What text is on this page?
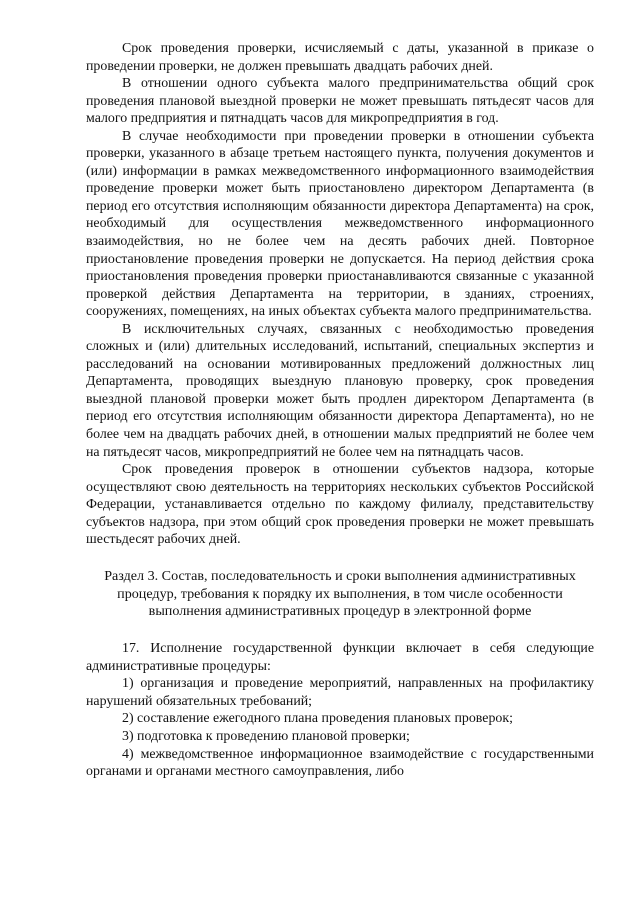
Срок проведения проверки, исчисляемый с даты, указанной в приказе о проведении проверки, не должен превышать двадцать рабочих дней.

В отношении одного субъекта малого предпринимательства общий срок проведения плановой выездной проверки не может превышать пятьдесят часов для малого предприятия и пятнадцать часов для микропредприятия в год.

В случае необходимости при проведении проверки в отношении субъекта проверки, указанного в абзаце третьем настоящего пункта, получения документов и (или) информации в рамках межведомственного информационного взаимодействия проведение проверки может быть приостановлено директором Департамента (в период его отсутствия исполняющим обязанности директора Департамента) на срок, необходимый для осуществления межведомственного информационного взаимодействия, но не более чем на десять рабочих дней. Повторное приостановление проведения проверки не допускается. На период действия срока приостановления проведения проверки приостанавливаются связанные с указанной проверкой действия Департамента на территории, в зданиях, строениях, сооружениях, помещениях, на иных объектах субъекта малого предпринимательства.

В исключительных случаях, связанных с необходимостью проведения сложных и (или) длительных исследований, испытаний, специальных экспертиз и расследований на основании мотивированных предложений должностных лиц Департамента, проводящих выездную плановую проверку, срок проведения выездной плановой проверки может быть продлен директором Департамента (в период его отсутствия исполняющим обязанности директора Департамента), но не более чем на двадцать рабочих дней, в отношении малых предприятий не более чем на пятьдесят часов, микропредприятий не более чем на пятнадцать часов.

Срок проведения проверок в отношении субъектов надзора, которые осуществляют свою деятельность на территориях нескольких субъектов Российской Федерации, устанавливается отдельно по каждому филиалу, представительству субъектов надзора, при этом общий срок проведения проверки не может превышать шестьдесят рабочих дней.

Раздел 3. Состав, последовательность и сроки выполнения административных процедур, требования к порядку их выполнения, в том числе особенности выполнения административных процедур в электронной форме

17. Исполнение государственной функции включает в себя следующие административные процедуры:

1) организация и проведение мероприятий, направленных на профилактику нарушений обязательных требований;

2) составление ежегодного плана проведения плановых проверок;

3) подготовка к проведению плановой проверки;

4) межведомственное информационное взаимодействие с государственными органами и органами местного самоуправления, либо
